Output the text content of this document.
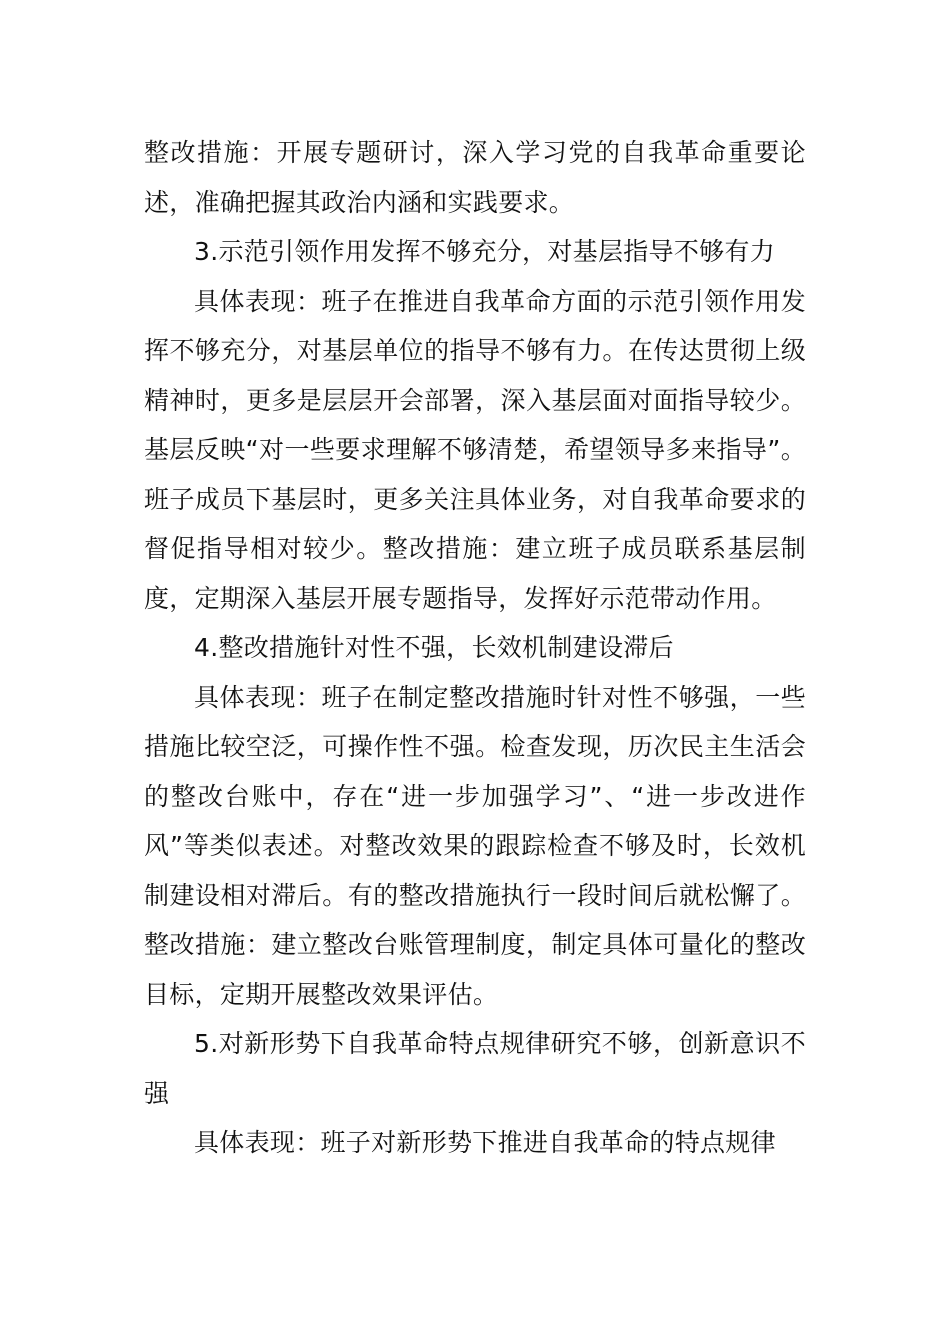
整改措施：开展专题研讨，深入学习党的自我革命重要论述，准确把握其政治内涵和实践要求。

3.示范引领作用发挥不够充分，对基层指导不够有力

具体表现：班子在推进自我革命方面的示范引领作用发挥不够充分，对基层单位的指导不够有力。在传达贯彻上级精神时，更多是层层开会部署，深入基层面对面指导较少。基层反映“对一些要求理解不够清楚，希望领导多来指导”。班子成员下基层时，更多关注具体业务，对自我革命要求的督促指导相对较少。整改措施：建立班子成员联系基层制度，定期深入基层开展专题指导，发挥好示范带动作用。

4.整改措施针对性不强，长效机制建设滞后

具体表现：班子在制定整改措施时针对性不够强，一些措施比较空泛，可操作性不强。检查发现，历次民主生活会的整改台账中，存在“进一步加强学习”、“进一步改进作风”等类似表述。对整改效果的跟踪检查不够及时，长效机制建设相对滞后。有的整改措施执行一段时间后就松懈了。整改措施：建立整改台账管理制度，制定具体可量化的整改目标，定期开展整改效果评估。

5.对新形势下自我革命特点规律研究不够，创新意识不强

具体表现：班子对新形势下推进自我革命的特点规律
